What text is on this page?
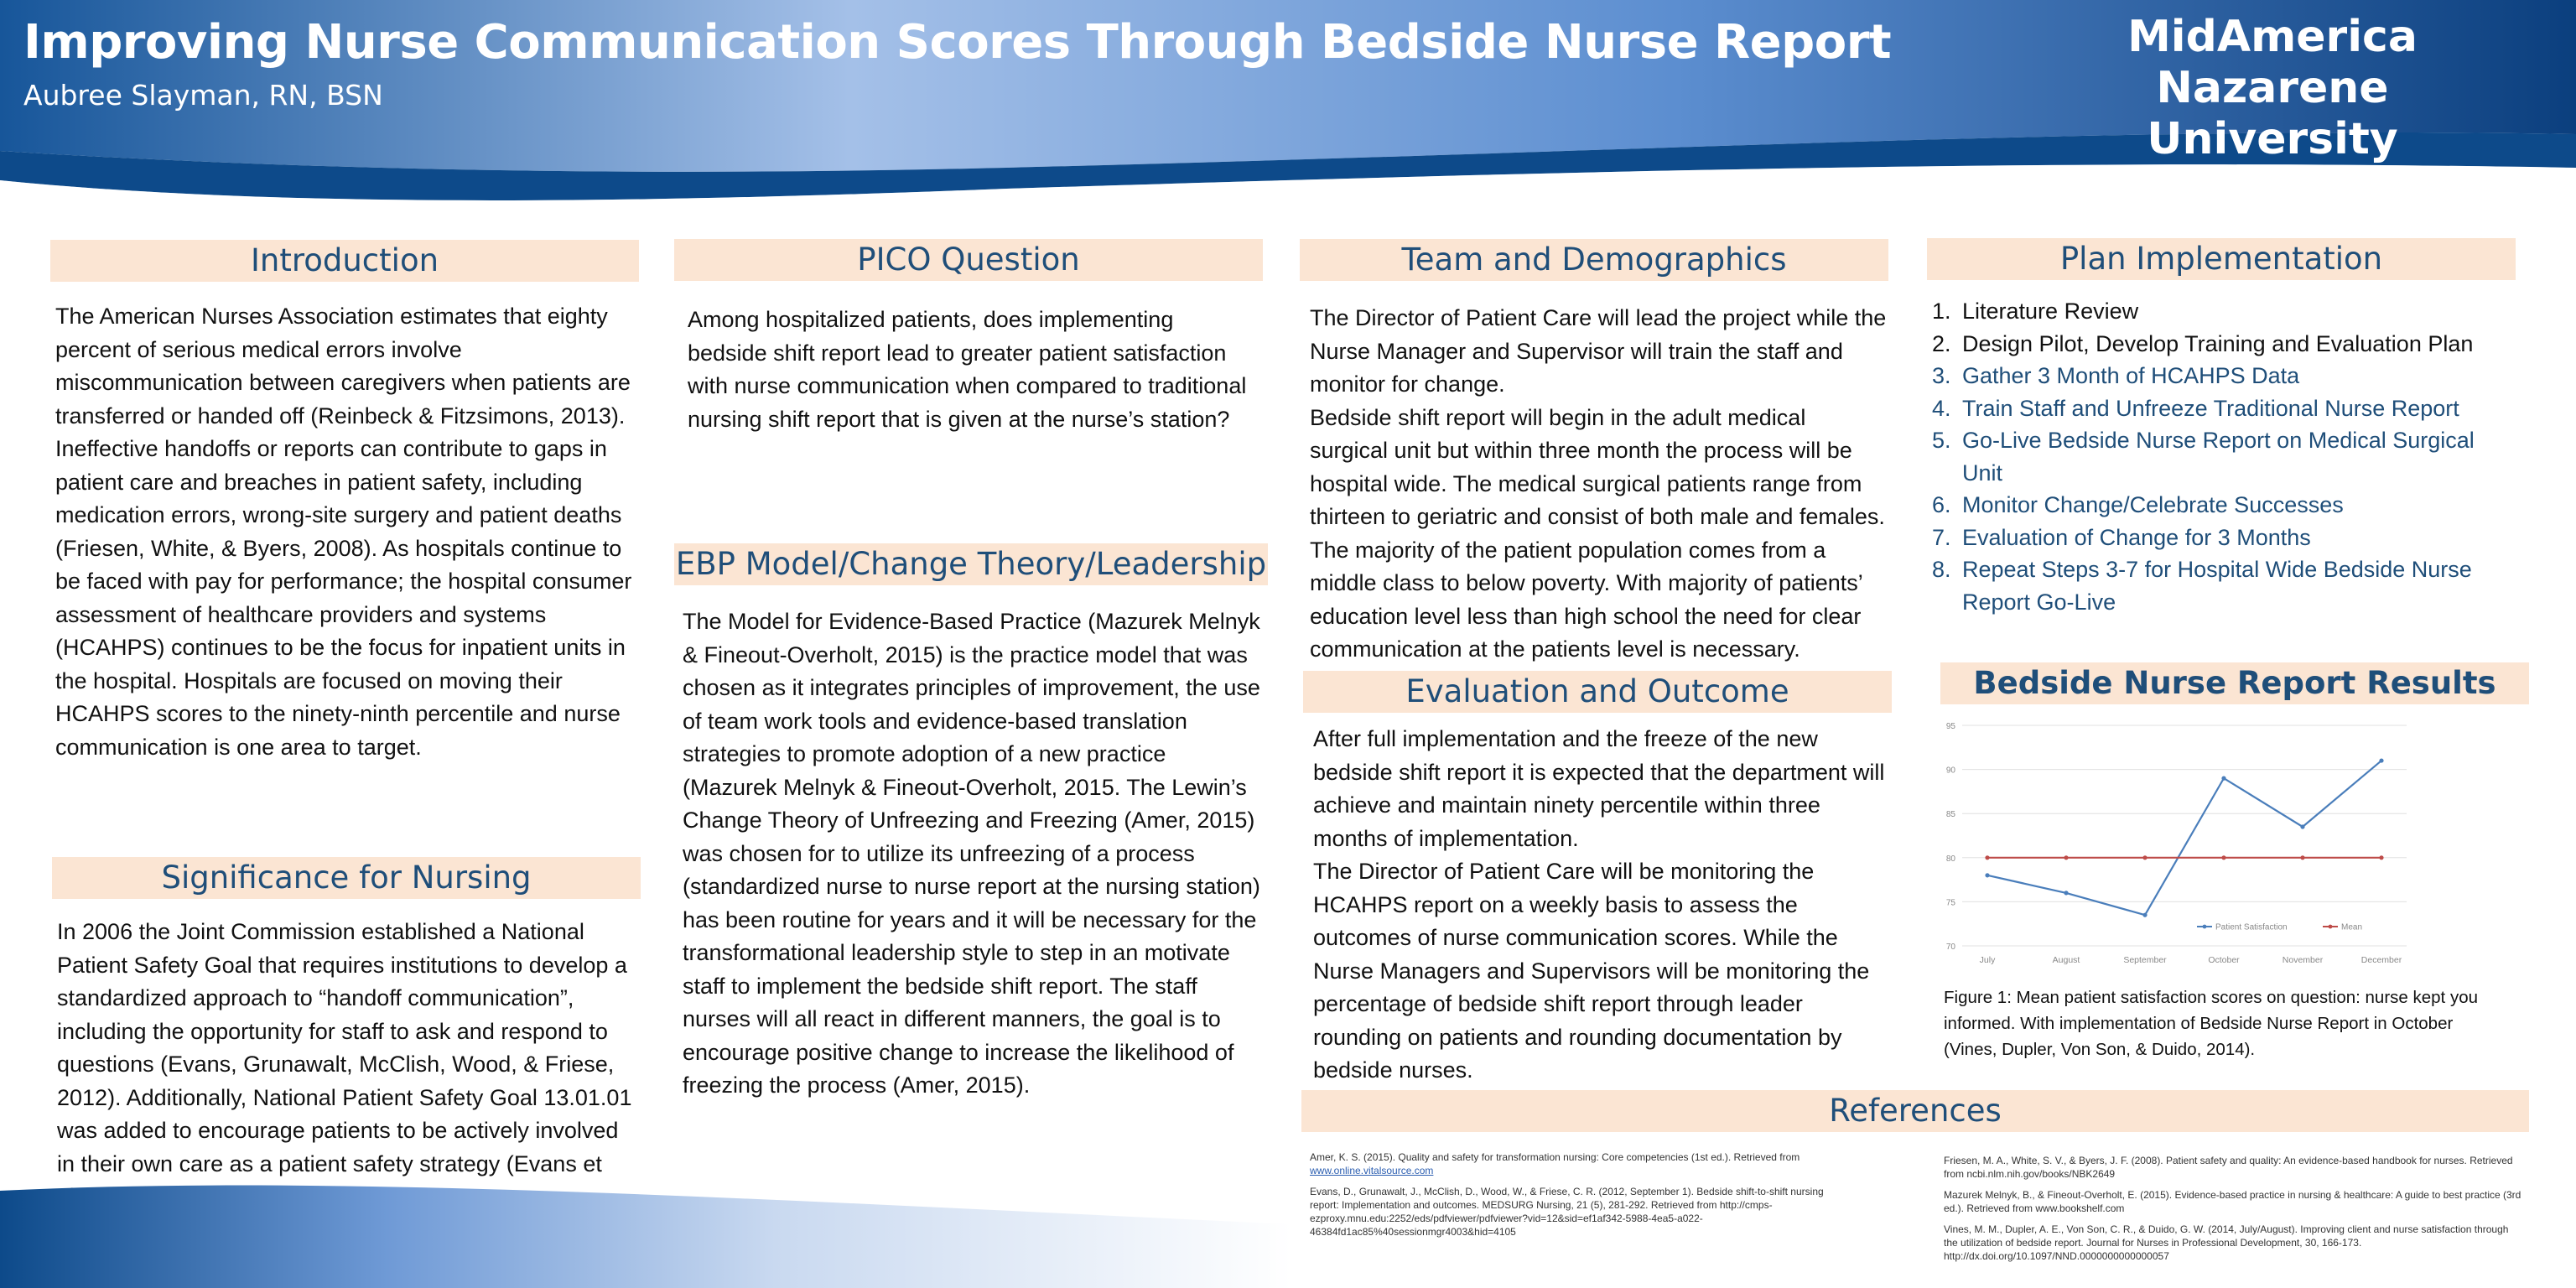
Improving Nurse Communication Scores Through Bedside Nurse Report
Aubree Slayman, RN, BSN
MidAmerica
Nazarene University
Introduction
The American Nurses Association estimates that eighty percent of serious medical errors involve miscommunication between caregivers when patients are transferred or handed off (Reinbeck & Fitzsimons, 2013). Ineffective handoffs or reports can contribute to gaps in patient care and breaches in patient safety, including medication errors, wrong-site surgery and patient deaths (Friesen, White, & Byers, 2008). As hospitals continue to be faced with pay for performance; the hospital consumer assessment of healthcare providers and systems (HCAHPS) continues to be the focus for inpatient units in the hospital. Hospitals are focused on moving their HCAHPS scores to the ninety-ninth percentile and nurse communication is one area to target.
Significance for Nursing
In 2006 the Joint Commission established a National Patient Safety Goal that requires institutions to develop a standardized approach to “handoff communication”, including the opportunity for staff to ask and respond to questions (Evans, Grunawalt, McClish, Wood, & Friese, 2012). Additionally, National Patient Safety Goal 13.01.01 was added to encourage patients to be actively involved in their own care as a patient safety strategy (Evans et
PICO Question
Among hospitalized patients, does implementing bedside shift report lead to greater patient satisfaction with nurse communication when compared to traditional nursing shift report that is given at the nurse’s station?
EBP Model/Change Theory/Leadership
The Model for Evidence-Based Practice (Mazurek Melnyk & Fineout-Overholt, 2015) is the practice model that was chosen as it integrates principles of improvement, the use of team work tools and evidence-based translation strategies to promote adoption of a new practice (Mazurek Melnyk & Fineout-Overholt, 2015. The Lewin’s Change Theory of Unfreezing and Freezing (Amer, 2015) was chosen for to utilize its unfreezing of a process (standardized nurse to nurse report at the nursing station) has been routine for years and it will be necessary for the transformational leadership style to step in an motivate staff to implement the bedside shift report. The staff nurses will all react in different manners, the goal is to encourage positive change to increase the likelihood of freezing the process (Amer, 2015).
Team and Demographics
The Director of Patient Care will lead the project while the Nurse Manager and Supervisor will train the staff and monitor for change.
Bedside shift report will begin in the adult medical surgical unit but within three month the process will be hospital wide. The medical surgical patients range from thirteen to geriatric and consist of both male and females. The majority of the patient population comes from a middle class to below poverty. With majority of patients’ education level less than high school the need for clear communication at the patients level is necessary.
Evaluation and Outcome
After full implementation and the freeze of the new bedside shift report it is expected that the department will achieve and maintain ninety percentile within three months of implementation.
The Director of Patient Care will be monitoring the HCAHPS report on a weekly basis to assess the outcomes of nurse communication scores. While the Nurse Managers and Supervisors will be monitoring the percentage of bedside shift report through leader rounding on patients and rounding documentation by bedside nurses.
Plan Implementation
1. Literature Review
2. Design Pilot, Develop Training and Evaluation Plan
3. Gather 3 Month of HCAHPS Data
4. Train Staff and Unfreeze Traditional Nurse Report
5. Go-Live Bedside Nurse Report on Medical Surgical Unit
6. Monitor Change/Celebrate Successes
7. Evaluation of Change for 3 Months
8. Repeat Steps 3-7 for Hospital Wide Bedside Nurse Report Go-Live
Bedside Nurse Report Results
70
75
80
85
90
95
July	August	September	October	November	December
Patient Satisfaction	Mean
Figure 1: Mean patient satisfaction scores on question: nurse kept you informed. With implementation of Bedside Nurse Report in October (Vines, Dupler, Von Son, & Duido, 2014).
References

Amer, K. S. (2015). Quality and safety for transformation nursing: Core competencies (1st ed.). Retrieved from
www.online.vitalsource.com

Evans, D., Grunawalt, J., McClish, D., Wood, W., & Friese, C. R. (2012, September 1). Bedside shift-to-shift nursing report: Implementation and outcomes. MEDSURG Nursing, 21 (5), 281-292. Retrieved from http://cmps-ezproxy.mnu.edu:2252/eds/pdfviewer/pdfviewer?vid=12&sid=ef1af342-5988-4ea5-a022-46384fd1ac85%40sessionmgr4003&hid=4105

Friesen, M. A., White, S. V., & Byers, J. F. (2008). Patient safety and quality: An evidence-based handbook for nurses. Retrieved from ncbi.nlm.nih.gov/books/NBK2649

Mazurek Melnyk, B., & Fineout-Overholt, E. (2015). Evidence-based practice in nursing & healthcare: A guide to best practice (3rd ed.). Retrieved from www.bookshelf.com

Vines, M. M., Dupler, A. E., Von Son, C. R., & Duido, G. W. (2014, July/August). Improving client and nurse satisfaction through the utilization of bedside report. Journal for Nurses in Professional Development, 30, 166-173. http://dx.doi.org/10.1097/NND.0000000000000057
